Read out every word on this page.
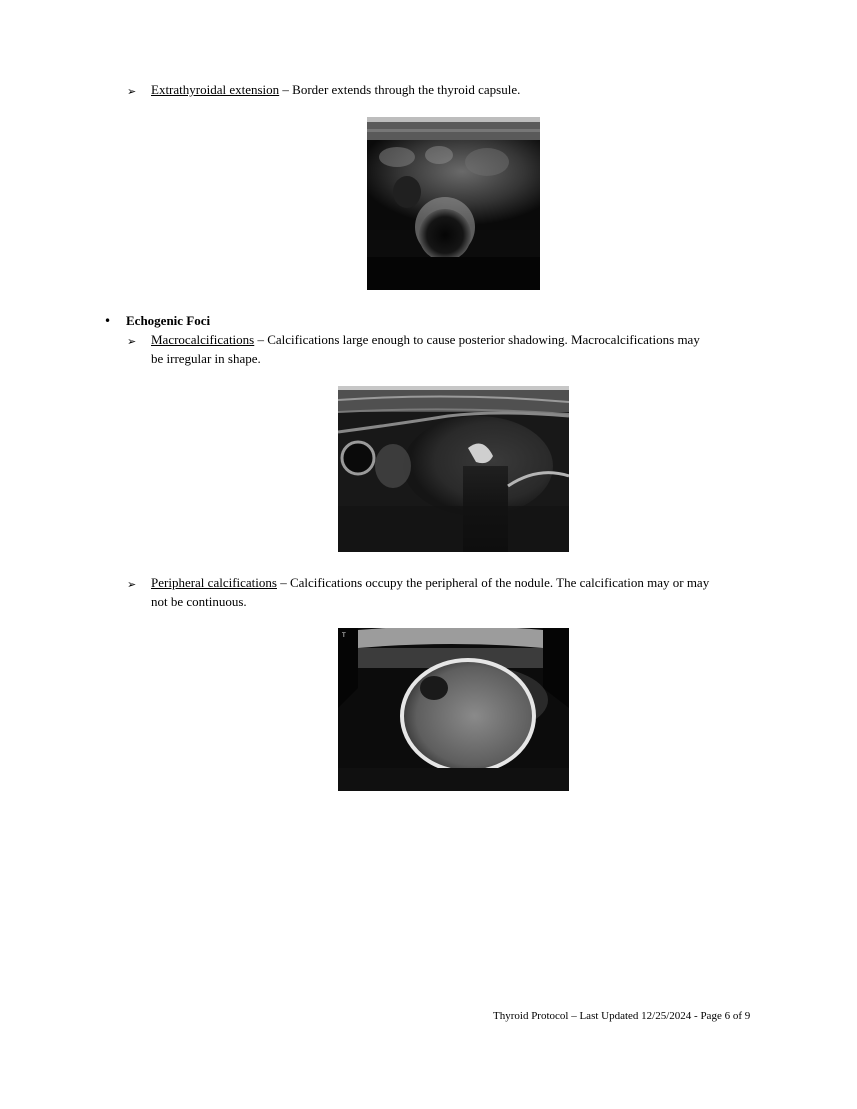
➢ Extrathyroidal extension – Border extends through the thyroid capsule.
• Echogenic Foci
➢ Macrocalcifications – Calcifications large enough to cause posterior shadowing. Macrocalcifications may
be irregular in shape.
➢ Peripheral calcifications – Calcifications occupy the peripheral of the nodule. The calcification may or may
not be continuous.
T
Thyroid Protocol – Last Updated 12/25/2024 - Page 6 of 9
